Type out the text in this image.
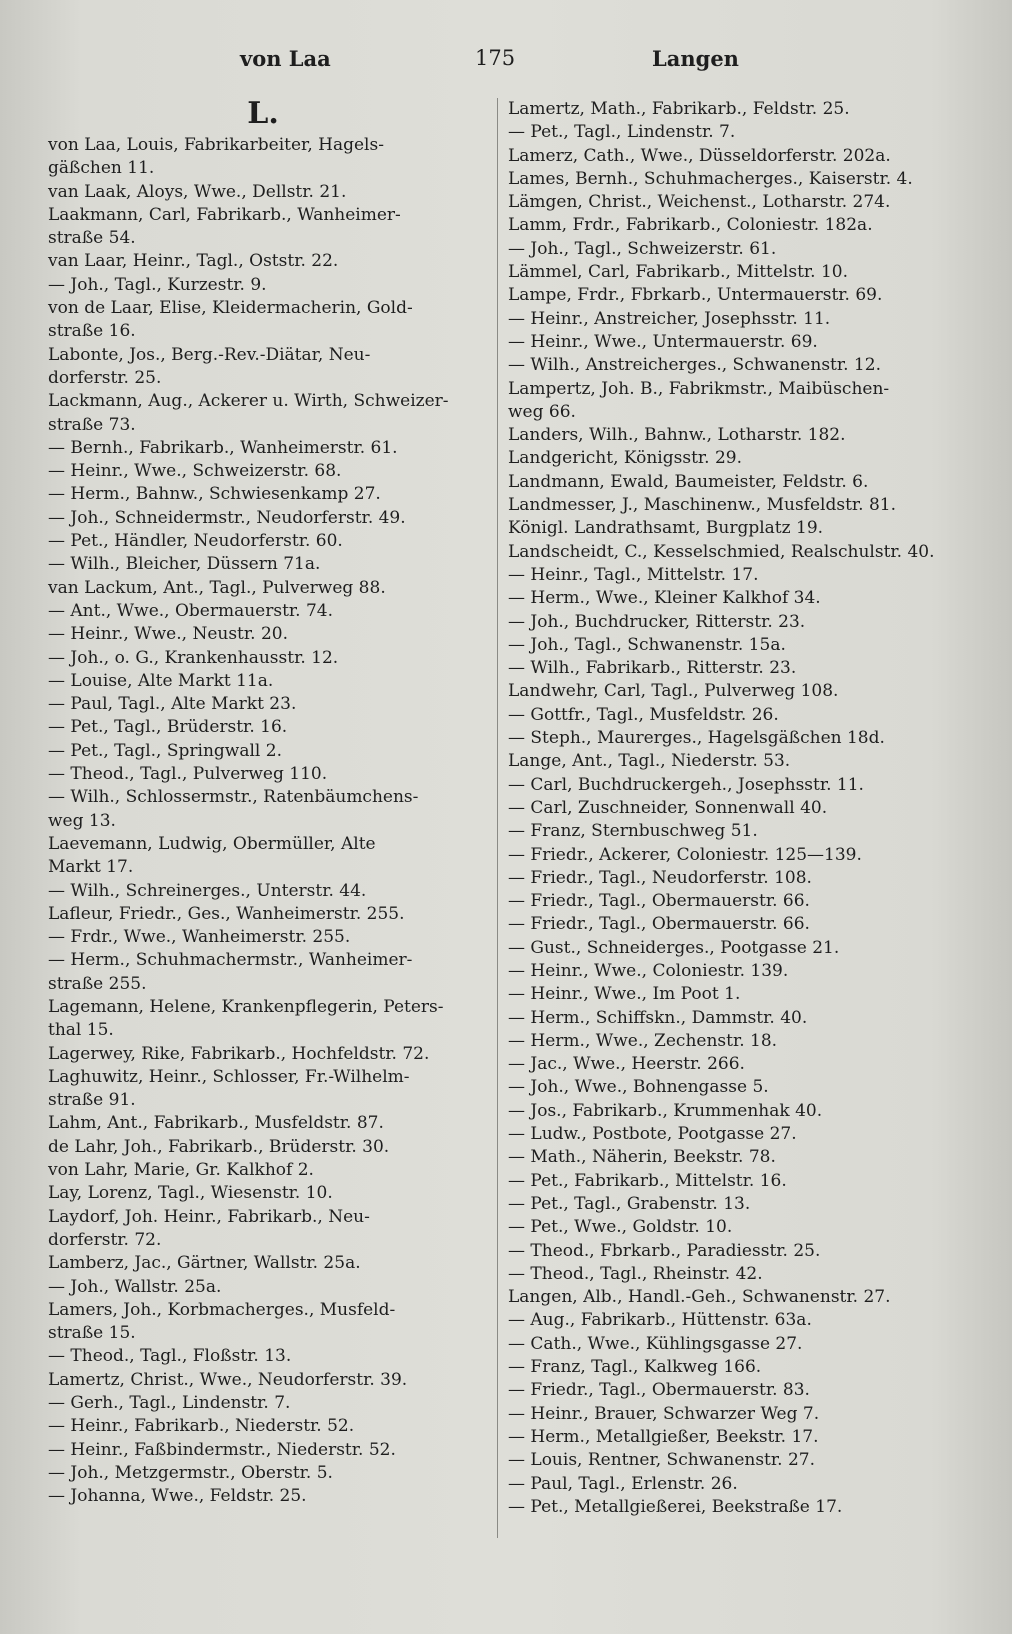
von Laa	175	Langen
L.
von Laa, Louis, Fabrikarbeiter, Hagels-
gäßchen 11.
van Laak, Aloys, Wwe., Dellstr. 21.
Laakmann, Carl, Fabrikarb., Wanheimer-
straße 54.
van Laar, Heinr., Tagl., Oststr. 22.
— Joh., Tagl., Kurzestr. 9.
von de Laar, Elise, Kleidermacherin, Gold-
straße 16.
Labonte, Jos., Berg.-Rev.-Diätar, Neu-
dorferstr. 25.
Lackmann, Aug., Ackerer u. Wirth, Schweizer-
straße 73.
— Bernh., Fabrikarb., Wanheimerstr. 61.
— Heinr., Wwe., Schweizerstr. 68.
— Herm., Bahnw., Schwiesenkamp 27.
— Joh., Schneidermstr., Neudorferstr. 49.
— Pet., Händler, Neudorferstr. 60.
— Wilh., Bleicher, Düssern 71a.
van Lackum, Ant., Tagl., Pulverweg 88.
— Ant., Wwe., Obermauerstr. 74.
— Heinr., Wwe., Neustr. 20.
— Joh., o. G., Krankenhausstr. 12.
— Louise, Alte Markt 11a.
— Paul, Tagl., Alte Markt 23.
— Pet., Tagl., Brüderstr. 16.
— Pet., Tagl., Springwall 2.
— Theod., Tagl., Pulverweg 110.
— Wilh., Schlossermstr., Ratenbäumchens-
weg 13.
Laevemann, Ludwig, Obermüller, Alte
Markt 17.
— Wilh., Schreinerges., Unterstr. 44.
Lafleur, Friedr., Ges., Wanheimerstr. 255.
— Frdr., Wwe., Wanheimerstr. 255.
— Herm., Schuhmachermstr., Wanheimer-
straße 255.
Lagemann, Helene, Krankenpflegerin, Peters-
thal 15.
Lagerwey, Rike, Fabrikarb., Hochfeldstr. 72.
Laghuwitz, Heinr., Schlosser, Fr.-Wilhelm-
straße 91.
Lahm, Ant., Fabrikarb., Musfeldstr. 87.
de Lahr, Joh., Fabrikarb., Brüderstr. 30.
von Lahr, Marie, Gr. Kalkhof 2.
Lay, Lorenz, Tagl., Wiesenstr. 10.
Laydorf, Joh. Heinr., Fabrikarb., Neu-
dorferstr. 72.
Lamberz, Jac., Gärtner, Wallstr. 25a.
— Joh., Wallstr. 25a.
Lamers, Joh., Korbmacherges., Musfeld-
straße 15.
— Theod., Tagl., Floßstr. 13.
Lamertz, Christ., Wwe., Neudorferstr. 39.
— Gerh., Tagl., Lindenstr. 7.
— Heinr., Fabrikarb., Niederstr. 52.
— Heinr., Faßbindermstr., Niederstr. 52.
— Joh., Metzgermstr., Oberstr. 5.
— Johanna, Wwe., Feldstr. 25.
Lamertz, Math., Fabrikarb., Feldstr. 25.
— Pet., Tagl., Lindenstr. 7.
Lamerz, Cath., Wwe., Düsseldorferstr. 202a.
Lames, Bernh., Schuhmacherges., Kaiserstr. 4.
Lämgen, Christ., Weichenst., Lotharstr. 274.
Lamm, Frdr., Fabrikarb., Coloniestr. 182a.
— Joh., Tagl., Schweizerstr. 61.
Lämmel, Carl, Fabrikarb., Mittelstr. 10.
Lampe, Frdr., Fbrkarb., Untermauerstr. 69.
— Heinr., Anstreicher, Josephsstr. 11.
— Heinr., Wwe., Untermauerstr. 69.
— Wilh., Anstreicherges., Schwanenstr. 12.
Lampertz, Joh. B., Fabrikmstr., Maibüschen-
weg 66.
Landers, Wilh., Bahnw., Lotharstr. 182.
Landgericht, Königsstr. 29.
Landmann, Ewald, Baumeister, Feldstr. 6.
Landmesser, J., Maschinenw., Musfeldstr. 81.
Königl. Landrathsamt, Burgplatz 19.
Landscheidt, C., Kesselschmied, Realschulstr. 40.
— Heinr., Tagl., Mittelstr. 17.
— Herm., Wwe., Kleiner Kalkhof 34.
— Joh., Buchdrucker, Ritterstr. 23.
— Joh., Tagl., Schwanenstr. 15a.
— Wilh., Fabrikarb., Ritterstr. 23.
Landwehr, Carl, Tagl., Pulverweg 108.
— Gottfr., Tagl., Musfeldstr. 26.
— Steph., Maurerges., Hagelsgäßchen 18d.
Lange, Ant., Tagl., Niederstr. 53.
— Carl, Buchdruckergeh., Josephsstr. 11.
— Carl, Zuschneider, Sonnenwall 40.
— Franz, Sternbuschweg 51.
— Friedr., Ackerer, Coloniestr. 125—139.
— Friedr., Tagl., Neudorferstr. 108.
— Friedr., Tagl., Obermauerstr. 66.
— Friedr., Tagl., Obermauerstr. 66.
— Gust., Schneiderges., Pootgasse 21.
— Heinr., Wwe., Coloniestr. 139.
— Heinr., Wwe., Im Poot 1.
— Herm., Schiffskn., Dammstr. 40.
— Herm., Wwe., Zechenstr. 18.
— Jac., Wwe., Heerstr. 266.
— Joh., Wwe., Bohnengasse 5.
— Jos., Fabrikarb., Krummenhak 40.
— Ludw., Postbote, Pootgasse 27.
— Math., Näherin, Beekstr. 78.
— Pet., Fabrikarb., Mittelstr. 16.
— Pet., Tagl., Grabenstr. 13.
— Pet., Wwe., Goldstr. 10.
— Theod., Fbrkarb., Paradiesstr. 25.
— Theod., Tagl., Rheinstr. 42.
Langen, Alb., Handl.-Geh., Schwanenstr. 27.
— Aug., Fabrikarb., Hüttenstr. 63a.
— Cath., Wwe., Kühlingsgasse 27.
— Franz, Tagl., Kalkweg 166.
— Friedr., Tagl., Obermauerstr. 83.
— Heinr., Brauer, Schwarzer Weg 7.
— Herm., Metallgießer, Beekstr. 17.
— Louis, Rentner, Schwanenstr. 27.
— Paul, Tagl., Erlenstr. 26.
— Pet., Metallgießerei, Beekstraße 17.
